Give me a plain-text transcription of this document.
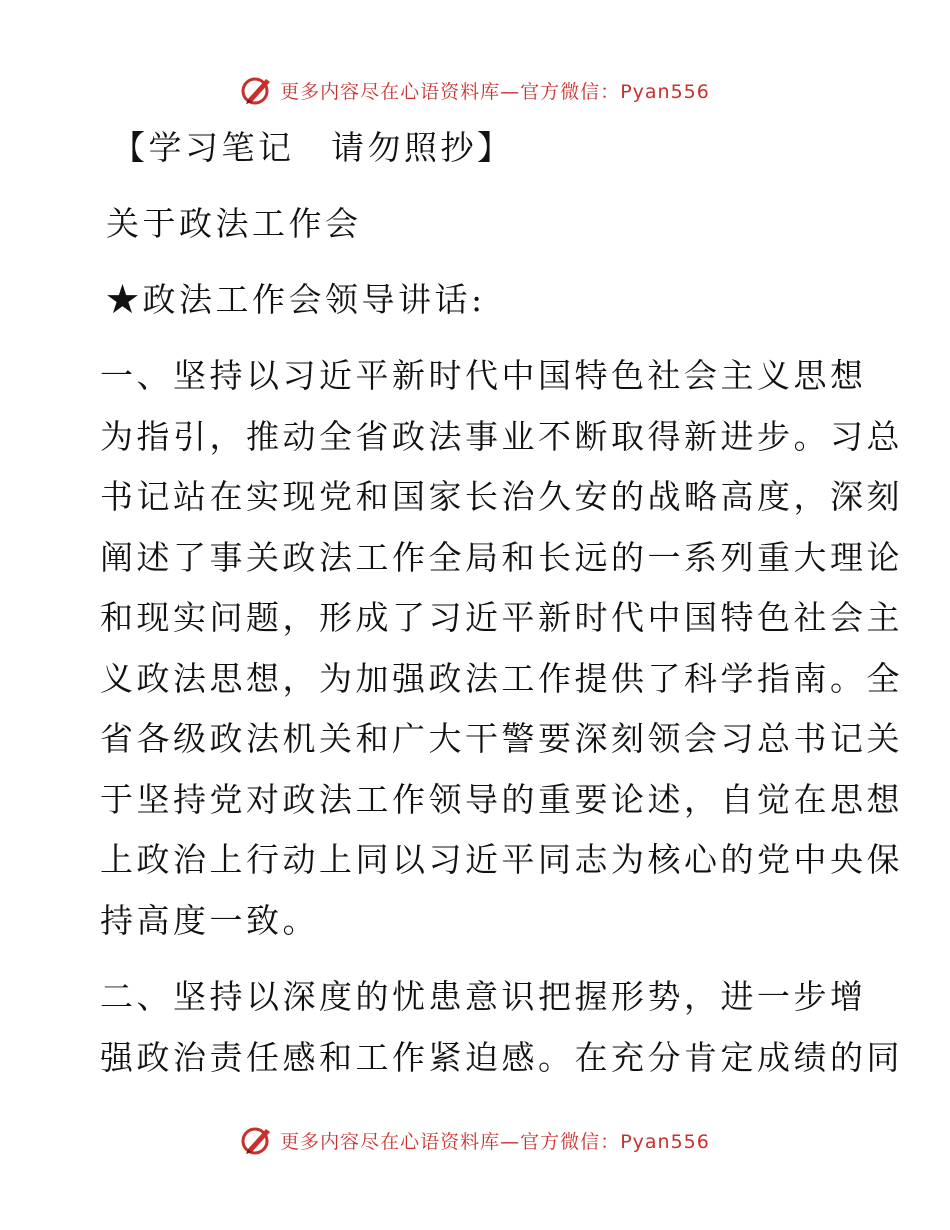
更多内容尽在心语资料库—官方微信：Pyan556
【学习笔记　请勿照抄】
关于政法工作会
★政法工作会领导讲话:
一、坚持以习近平新时代中国特色社会主义思想
为指引，推动全省政法事业不断取得新进步。习总
书记站在实现党和国家长治久安的战略高度，深刻
阐述了事关政法工作全局和长远的一系列重大理论
和现实问题，形成了习近平新时代中国特色社会主
义政法思想，为加强政法工作提供了科学指南。全
省各级政法机关和广大干警要深刻领会习总书记关
于坚持党对政法工作领导的重要论述，自觉在思想
上政治上行动上同以习近平同志为核心的党中央保
持高度一致。
二、坚持以深度的忧患意识把握形势，进一步增
强政治责任感和工作紧迫感。在充分肯定成绩的同
更多内容尽在心语资料库—官方微信：Pyan556
